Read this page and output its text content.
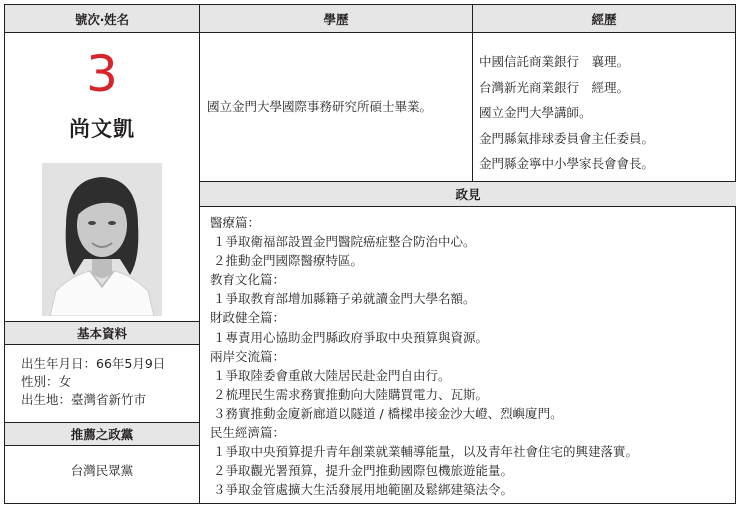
號次‧姓名	學歷	經歷
政見
3
尚文凱
基本資料
出生年月日：66年5月9日
性別：女
出生地：臺灣省新竹市
推薦之政黨
台灣民眾黨
國立金門大學國際事務研究所碩士畢業。
中國信託商業銀行　襄理。
台灣新光商業銀行　經理。
國立金門大學講師。
金門縣氣排球委員會主任委員。
金門縣金寧中小學家長會會長。
醫療篇：
１爭取衛福部設置金門醫院癌症整合防治中心。
２推動金門國際醫療特區。
教育文化篇：
１爭取教育部增加縣籍子弟就讀金門大學名額。
財政健全篇：
１專責用心協助金門縣政府爭取中央預算與資源。
兩岸交流篇：
１爭取陸委會重啟大陸居民赴金門自由行。
２梳理民生需求務實推動向大陸購買電力、瓦斯。
３務實推動金廈新廊道以隧道 / 橋樑串接金沙大嶝、烈嶼廈門。
民生經濟篇：
１爭取中央預算提升青年創業就業輔導能量，以及青年社會住宅的興建落實。
２爭取觀光署預算，提升金門推動國際包機旅遊能量。
３爭取金管處擴大生活發展用地範圍及鬆綁建築法令。
